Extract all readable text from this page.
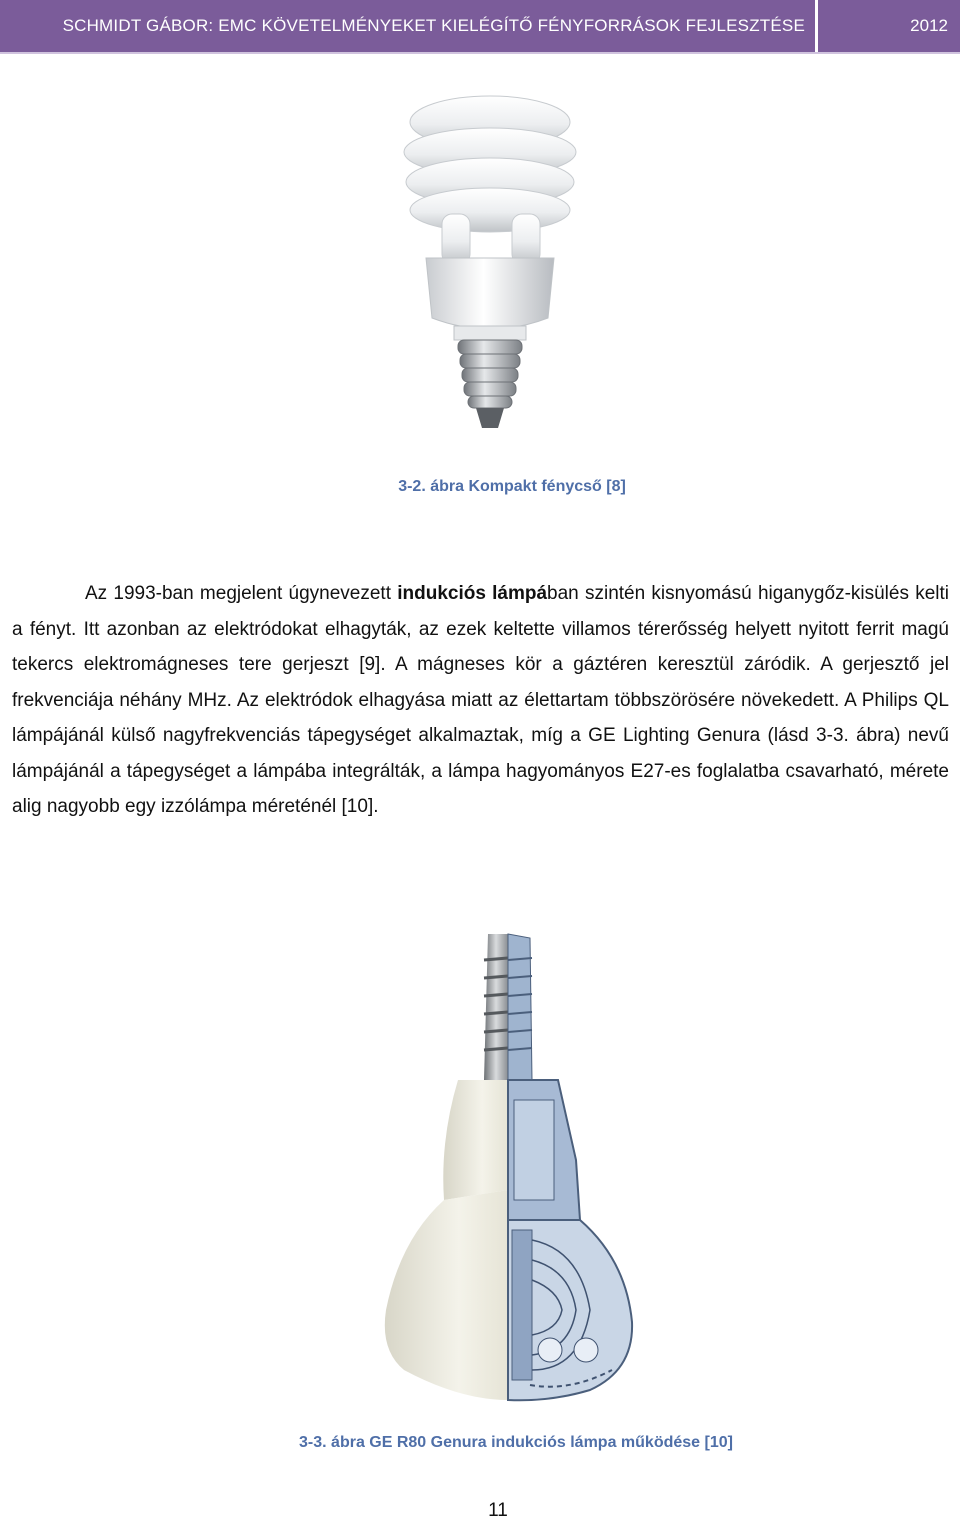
SCHMIDT GÁBOR: EMC KÖVETELMÉNYEKET KIELÉGÍTŐ FÉNYFORRÁSOK FEJLESZTÉSE	2012
3-2. ábra Kompakt fénycső [8]
Az 1993-ban megjelent úgynevezett indukciós lámpában szintén kisnyomású higanygőz-kisülés kelti a fényt. Itt azonban az elektródokat elhagyták, az ezek keltette villamos térerősség helyett nyitott ferrit magú tekercs elektromágneses tere gerjeszt [9]. A mágneses kör a gáztéren keresztül záródik. A gerjesztő jel frekvenciája néhány MHz. Az elektródok elhagyása miatt az élettartam többszörösére növekedett. A Philips QL lámpájánál külső nagyfrekvenciás tápegységet alkalmaztak, míg a GE Lighting Genura (lásd 3-3. ábra) nevű lámpájánál a tápegységet a lámpába integrálták, a lámpa hagyományos E27-es foglalatba csavarható, mérete alig nagyobb egy izzólámpa méreténél [10].
3-3. ábra GE R80 Genura indukciós lámpa működése [10]
11
